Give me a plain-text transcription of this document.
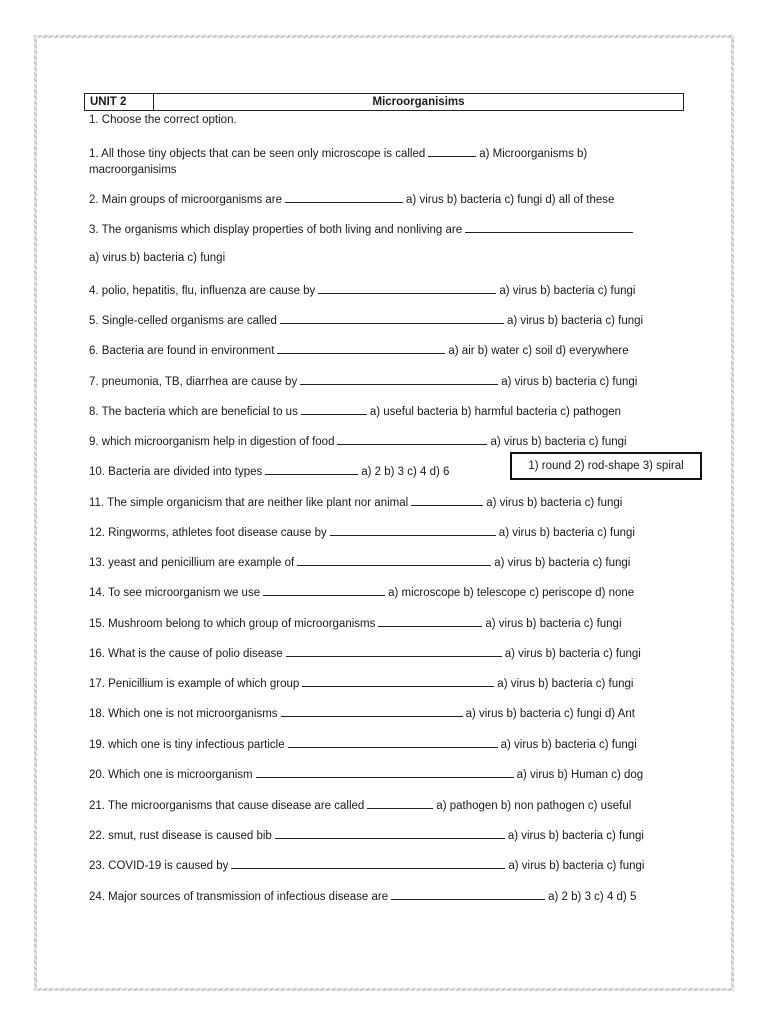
UNIT 2	Microorganisims
1. Choose the correct option.
1. All those tiny objects that can be seen only microscope is called	a) Microorganisms b)
macroorganisims
2. Main groups of microorganisms are	a) virus b) bacteria c) fungi d) all of these
3. The organisms which display properties of both living and nonliving are
a) virus b) bacteria c) fungi
4. polio, hepatitis, flu, influenza are cause by	a) virus b) bacteria c) fungi
5. Single-celled organisms are called	a) virus b) bacteria c) fungi
6. Bacteria are found in environment	a) air b) water c) soil d) everywhere
7. pneumonia, TB, diarrhea are cause by	a) virus b) bacteria c) fungi
8. The bacteria which are beneficial to us	a) useful bacteria b) harmful bacteria c) pathogen
9. which microorganism help in digestion of food	a) virus b) bacteria c) fungi
10. Bacteria are divided into types	a) 2 b) 3 c) 4 d) 6
11. The simple organicism that are neither like plant nor animal	a) virus b) bacteria c) fungi
12. Ringworms, athletes foot disease cause by	a) virus b) bacteria c) fungi
13. yeast and penicillium are example of	a) virus b) bacteria c) fungi
14. To see microorganism we use	a) microscope b) telescope c) periscope d) none
15. Mushroom belong to which group of microorganisms	a) virus b) bacteria c) fungi
16. What is the cause of polio disease	a) virus b) bacteria c) fungi
17. Penicillium is example of which group	a) virus b) bacteria c) fungi
18. Which one is not microorganisms	a) virus b) bacteria c) fungi d) Ant
19. which one is tiny infectious particle	a) virus b) bacteria c) fungi
20. Which one is microorganism	a) virus b) Human c) dog
21. The microorganisms that cause disease are called	a) pathogen b) non pathogen c) useful
22. smut, rust disease is caused bib	a) virus b) bacteria c) fungi
23. COVID-19 is caused by	a) virus b) bacteria c) fungi
24. Major sources of transmission of infectious disease are	a) 2 b) 3 c) 4 d) 5
1) round 2) rod-shape 3) spiral
